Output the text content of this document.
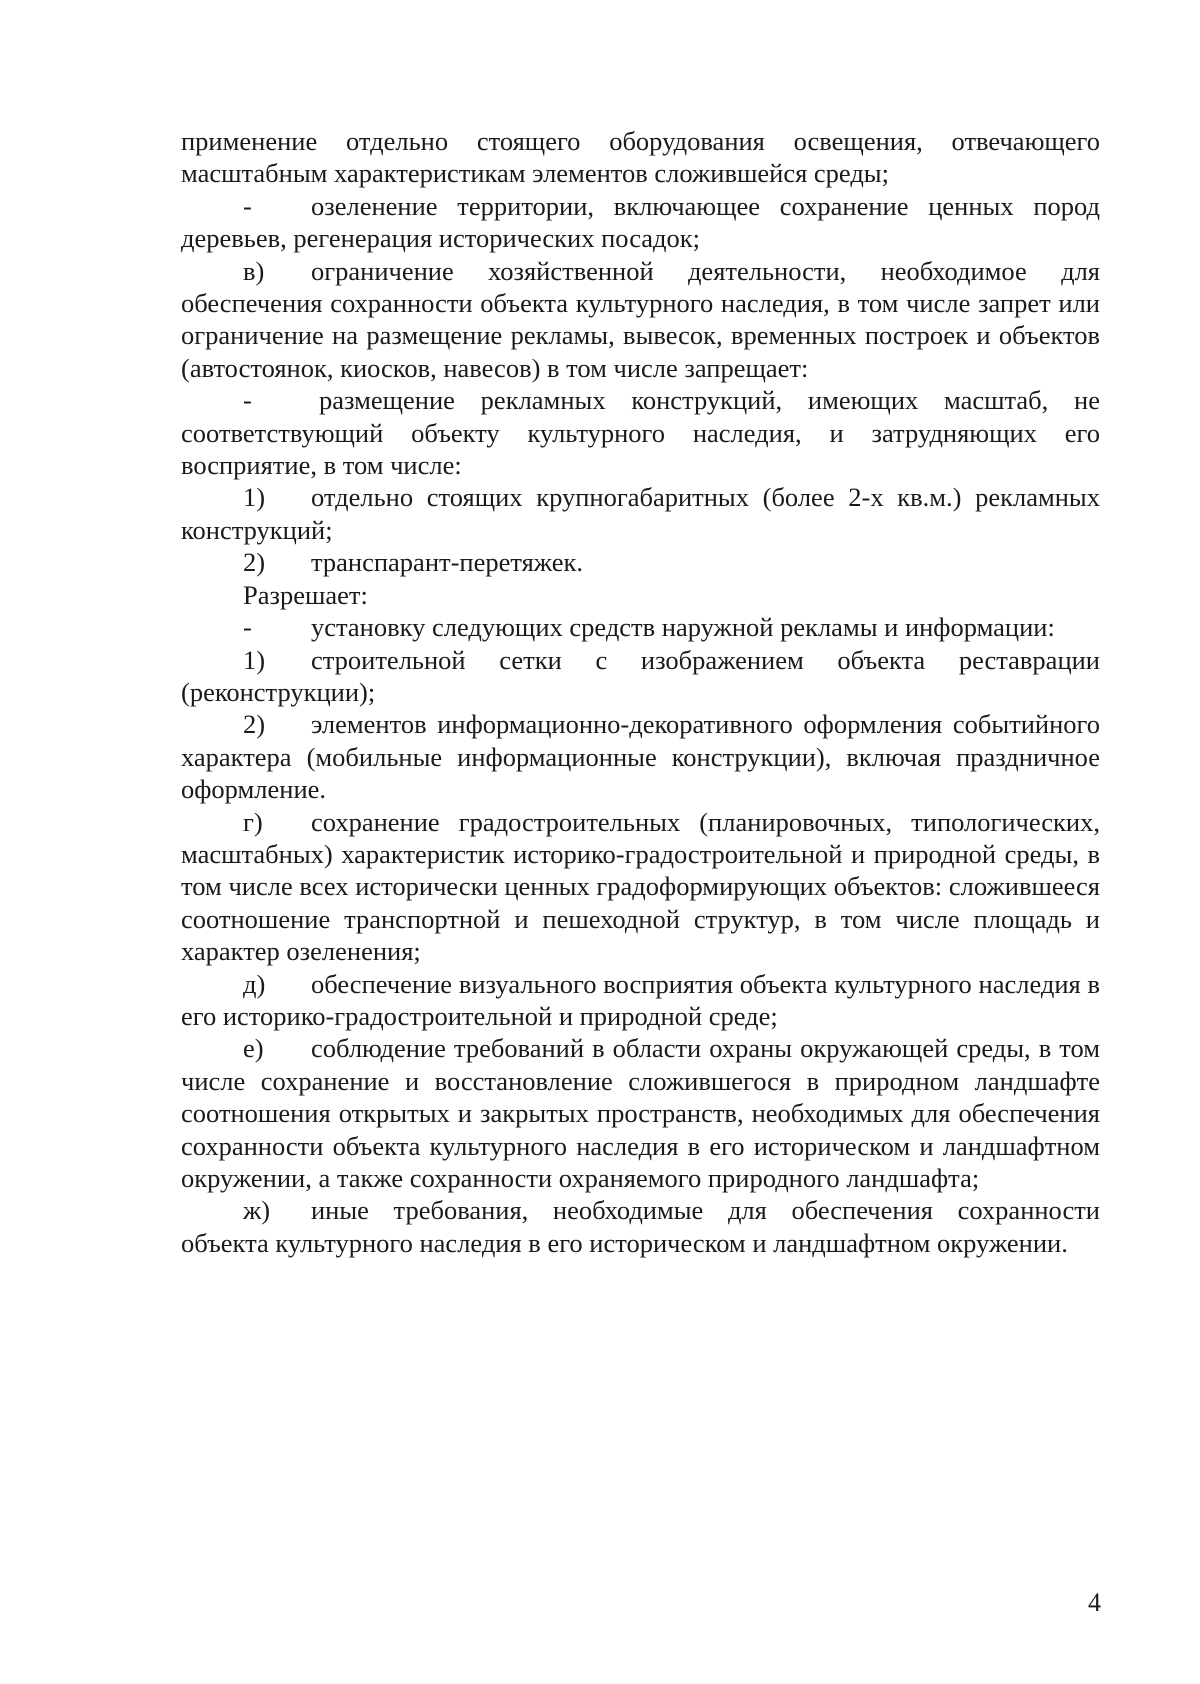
применение отдельно стоящего оборудования освещения, отвечающего масштабным характеристикам элементов сложившейся среды;

- озеленение территории, включающее сохранение ценных пород деревьев, регенерация исторических посадок;

в) ограничение хозяйственной деятельности, необходимое для обеспечения сохранности объекта культурного наследия, в том числе запрет или ограничение на размещение рекламы, вывесок, временных построек и объектов (автостоянок, киосков, навесов) в том числе запрещает:

-	размещение рекламных конструкций, имеющих масштаб, не соответствующий объекту культурного наследия, и затрудняющих его восприятие, в том числе:

1) отдельно стоящих крупногабаритных (более 2-х кв.м.) рекламных конструкций;

2) транспарант-перетяжек.

Разрешает:

- установку следующих средств наружной рекламы и информации:

1) строительной сетки с изображением объекта реставрации (реконструкции);

2) элементов информационно-декоративного оформления событийного характера (мобильные информационные конструкции), включая праздничное оформление.

г) сохранение градостроительных (планировочных, типологических, масштабных) характеристик историко-градостроительной и природной среды, в том числе всех исторически ценных градоформирующих объектов: сложившееся соотношение транспортной и пешеходной структур, в том числе площадь и характер озеленения;

д) обеспечение визуального восприятия объекта культурного наследия в его историко-градостроительной и природной среде;

е) соблюдение требований в области охраны окружающей среды, в том числе сохранение и восстановление сложившегося в природном ландшафте соотношения открытых и закрытых пространств, необходимых для обеспечения сохранности объекта культурного наследия в его историческом и ландшафтном окружении, а также сохранности охраняемого природного ландшафта;

ж) иные требования, необходимые для обеспечения сохранности объекта культурного наследия в его историческом и ландшафтном окружении.

4
